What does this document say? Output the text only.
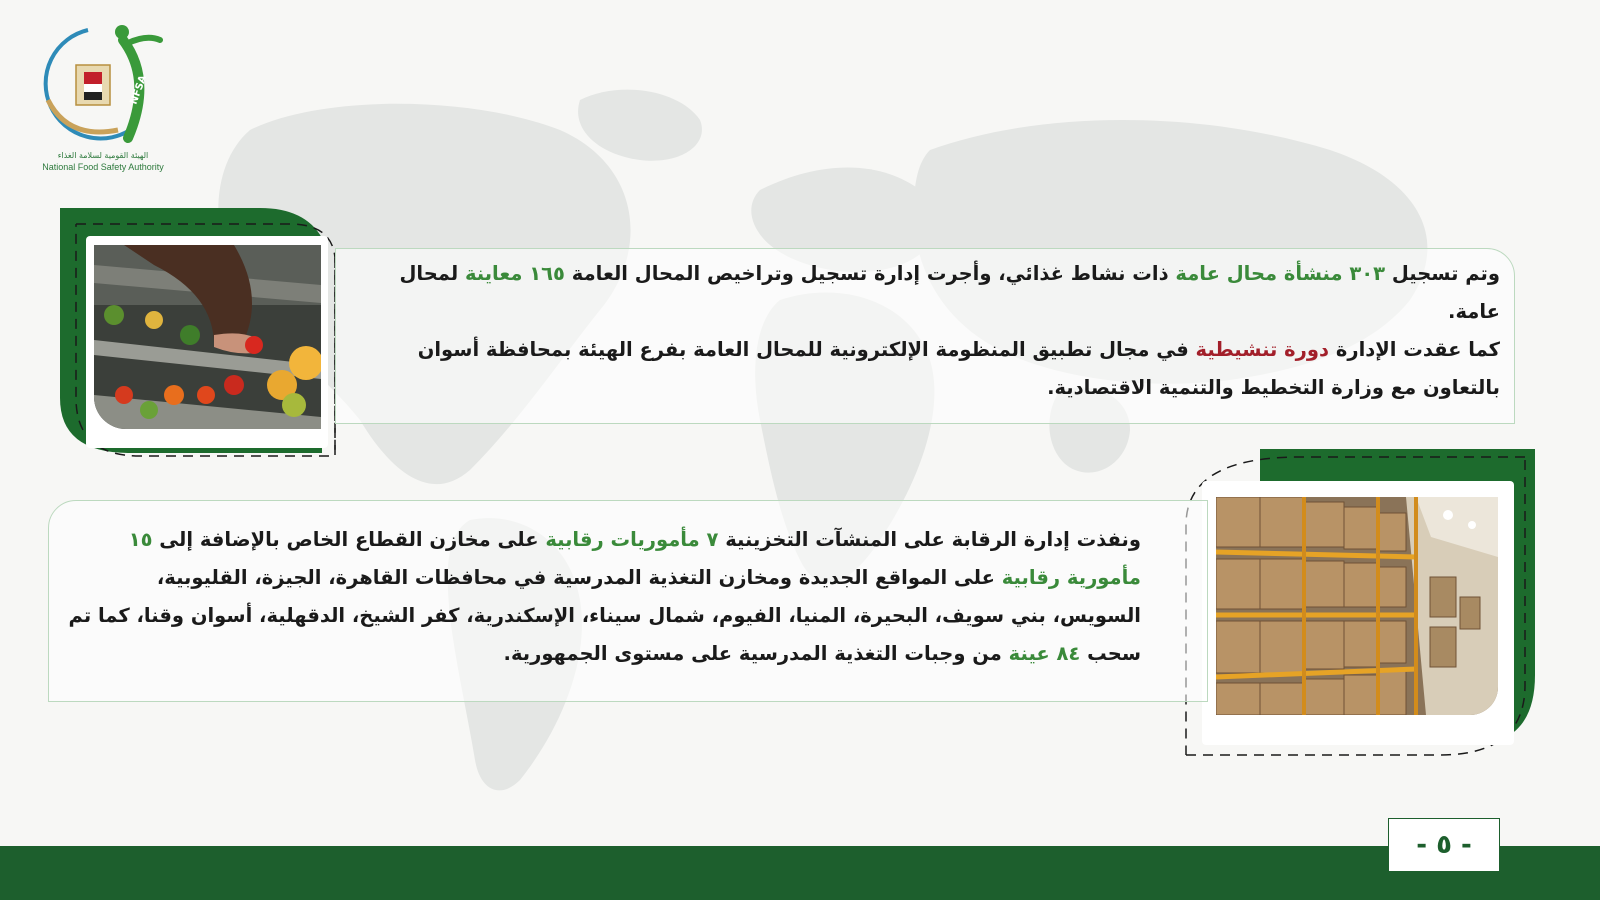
NFSA
الهيئة القومية لسلامة الغذاء
National Food Safety Authority

وتم تسجيل ٣٠٣ منشأة محال عامة ذات نشاط غذائي، وأجرت إدارة تسجيل وتراخيص المحال العامة ١٦٥ معاينة لمحال عامة.

كما عقدت الإدارة دورة تنشيطية في مجال تطبيق المنظومة الإلكترونية للمحال العامة بفرع الهيئة بمحافظة أسوان بالتعاون مع وزارة التخطيط والتنمية الاقتصادية.

ونفذت إدارة الرقابة على المنشآت التخزينية ٧ مأموريات رقابية على مخازن القطاع الخاص بالإضافة إلى ١٥ مأمورية رقابية على المواقع الجديدة ومخازن التغذية المدرسية في محافظات القاهرة، الجيزة، القليوبية، السويس، بني سويف، البحيرة، المنيا، الفيوم، شمال سيناء، الإسكندرية، كفر الشيخ، الدقهلية، أسوان وقنا، كما تم سحب ٨٤ عينة من وجبات التغذية المدرسية على مستوى الجمهورية.

- ٥ -
